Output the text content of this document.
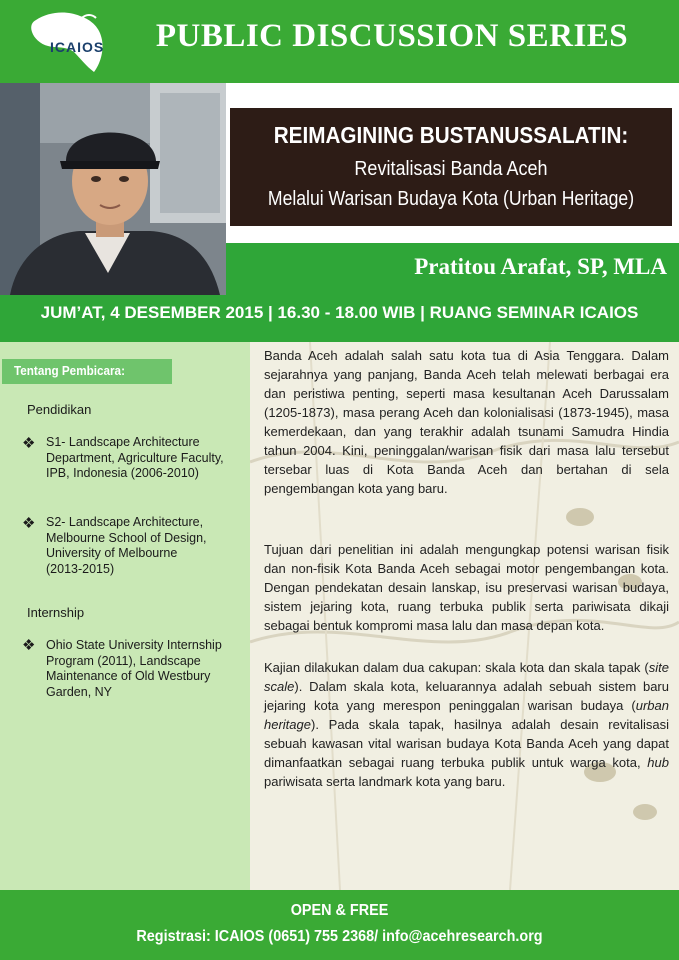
ICAIOS	PUBLIC DISCUSSION SERIES
REIMAGINING BUSTANUSSALATIN:
Revitalisasi Banda Aceh
Melalui Warisan Budaya Kota (Urban Heritage)
Pratitou Arafat, SP, MLA
JUM’AT, 4 DESEMBER 2015 | 16.30 - 18.00 WIB | RUANG SEMINAR ICAIOS
Tentang Pembicara:
Pendidikan
❖ S1- Landscape Architecture
Department, Agriculture Faculty,
IPB, Indonesia (2006-2010)
❖ S2- Landscape Architecture,
Melbourne School of Design,
University of Melbourne
(2013-2015)
Internship
❖ Ohio State University Internship
Program (2011), Landscape
Maintenance of Old Westbury
Garden, NY

Banda Aceh adalah salah satu kota tua di Asia Tenggara. Dalam sejarahnya yang panjang, Banda Aceh telah melewati berbagai era dan peristiwa penting, seperti masa kesultanan Aceh Darussalam (1205-1873), masa perang Aceh dan kolonialisasi (1873-1945), masa kemerdekaan, dan yang terakhir adalah tsunami Samudra Hindia tahun 2004. Kini, peninggalan/warisan fisik dari masa lalu tersebut tersebar luas di Kota Banda Aceh dan bertahan di sela pengembangan kota yang baru.

Tujuan dari penelitian ini adalah mengungkap potensi warisan fisik dan non-fisik Kota Banda Aceh sebagai motor pengembangan kota. Dengan pendekatan desain lanskap, isu preservasi warisan budaya, sistem jejaring kota, ruang terbuka publik serta pariwisata dikaji sebagai bentuk kompromi masa lalu dan masa depan kota.

Kajian dilakukan dalam dua cakupan: skala kota dan skala tapak (site scale). Dalam skala kota, keluarannya adalah sebuah sistem baru jejaring kota yang merespon peninggalan warisan budaya (urban heritage). Pada skala tapak, hasilnya adalah desain revitalisasi sebuah kawasan vital warisan budaya Kota Banda Aceh yang dapat dimanfaatkan sebagai ruang terbuka publik untuk warga kota, hub pariwisata serta landmark kota yang baru.

OPEN & FREE
Registrasi: ICAIOS (0651) 755 2368/ info@acehresearch.org
